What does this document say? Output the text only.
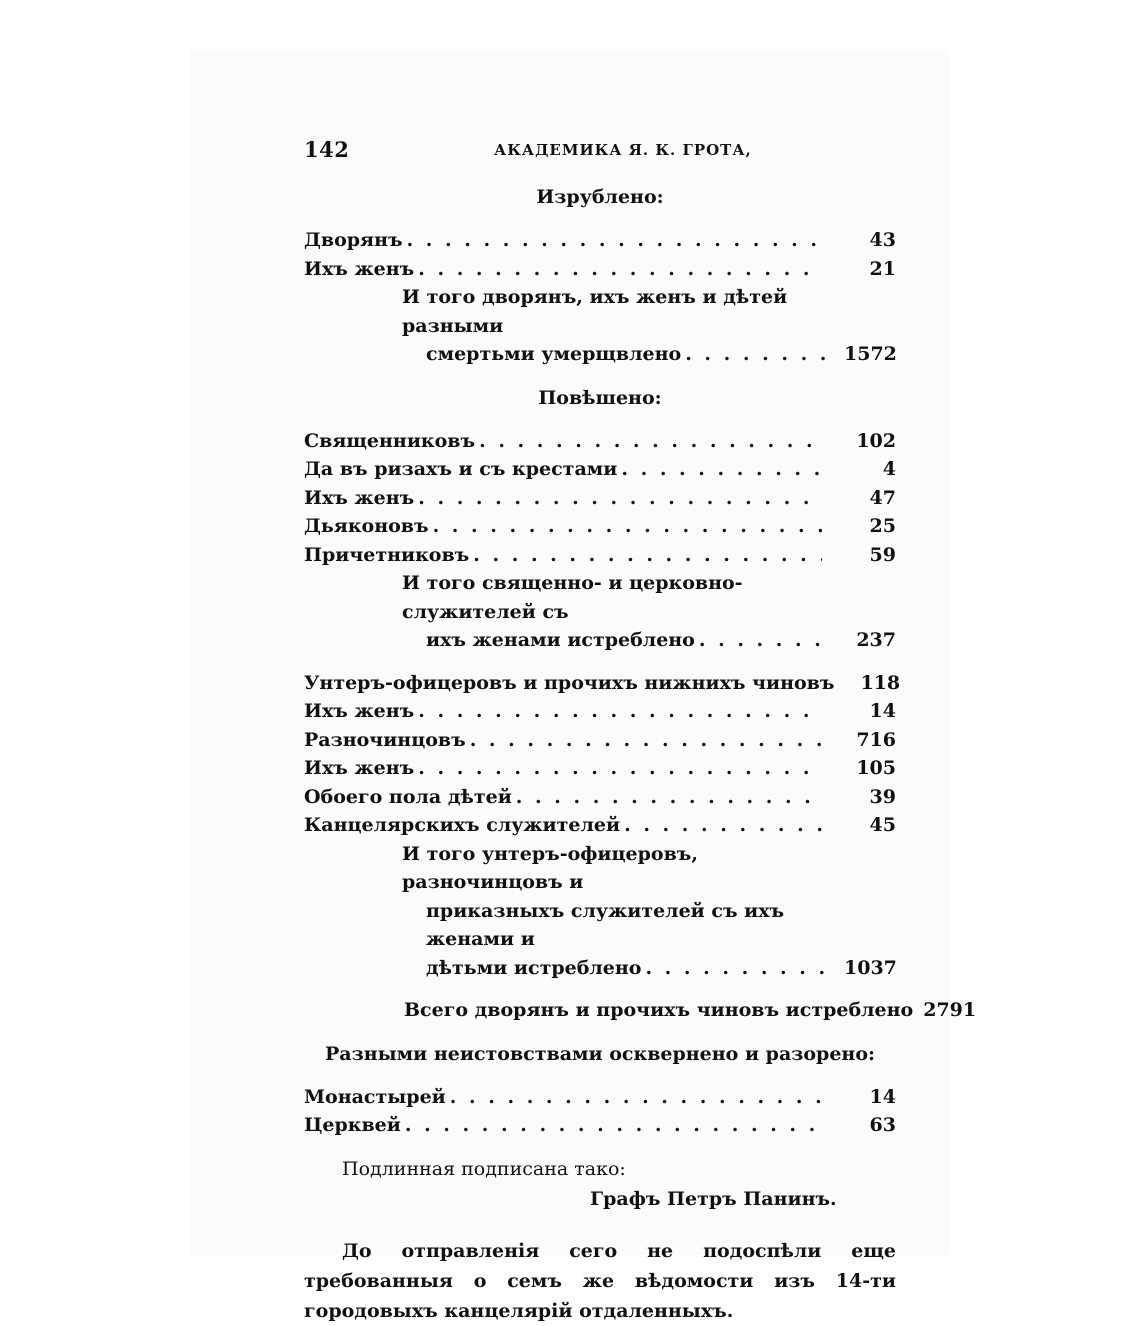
142	АКАДЕМИКА Я. К. ГРОТА,
Изрублено:
Дворянъ . . .	43
Ихъ женъ . . .	21
И того дворянъ, ихъ женъ и дѣтей разными
смертьми умерщвлено . . .	1572
Повѣшено:
Священниковъ . . .	102
Да въ ризахъ и съ крестами . . .	4
Ихъ женъ . . .	47
Дьяконовъ . . .	25
Причетниковъ . . .	59
И того священно- и церковно-служителей съ
ихъ женами истреблено . . .	237
Унтеръ-офицеровъ и прочихъ нижнихъ чиновъ 118
Ихъ женъ . . .	14
Разночинцовъ . . .	716
Ихъ женъ . . .	105
Обоего пола дѣтей . . .	39
Канцелярскихъ служителей . . .	45
И того унтеръ-офицеровъ, разночинцовъ и
приказныхъ служителей съ ихъ женами и
дѣтьми истреблено . . .	1037
Всего дворянъ и прочихъ чиновъ истреблено 2791
Разными неистовствами осквернено и разорено:
Монастырей . . .	14
Церквей . . .	63
Подлинная подписана тако:
Графъ Петръ Панинъ.
До отправленія сего не подоспѣли еще требованныя о семъ же вѣдомости изъ 14-ти городовыхъ канцелярій отдаленныхъ.
